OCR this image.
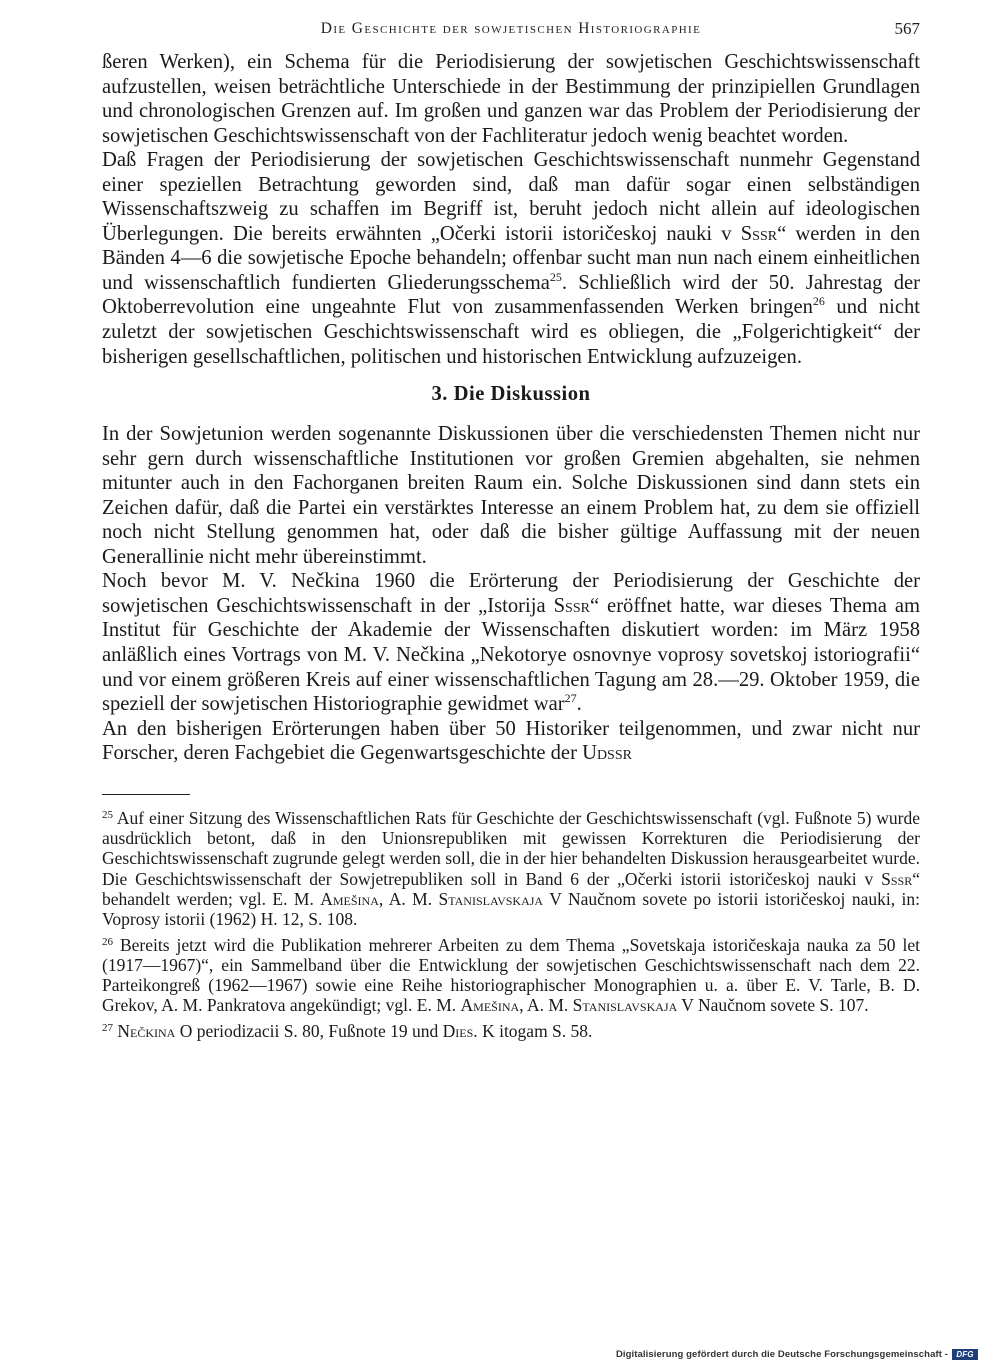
Die Geschichte der sowjetischen Historiographie	567

ßeren Werken), ein Schema für die Periodisierung der sowjetischen Geschichtswissenschaft aufzustellen, weisen beträchtliche Unterschiede in der Bestimmung der prinzipiellen Grundlagen und chronologischen Grenzen auf. Im großen und ganzen war das Problem der Periodisierung der sowjetischen Geschichtswissenschaft von der Fachliteratur jedoch wenig beachtet worden.

Daß Fragen der Periodisierung der sowjetischen Geschichtswissenschaft nunmehr Gegenstand einer speziellen Betrachtung geworden sind, daß man dafür sogar einen selbständigen Wissenschaftszweig zu schaffen im Begriff ist, beruht jedoch nicht allein auf ideologischen Überlegungen. Die bereits erwähnten „Očerki istorii istoričeskoj nauki v Sssr“ werden in den Bänden 4—6 die sowjetische Epoche behandeln; offenbar sucht man nun nach einem einheitlichen und wissenschaftlich fundierten Gliederungsschema$^{25}$. Schließlich wird der 50. Jahrestag der Oktoberrevolution eine ungeahnte Flut von zusammenfassenden Werken bringen$^{26}$ und nicht zuletzt der sowjetischen Geschichtswissenschaft wird es obliegen, die „Folgerichtigkeit“ der bisherigen gesellschaftlichen, politischen und historischen Entwicklung aufzuzeigen.

3. Die Diskussion

In der Sowjetunion werden sogenannte Diskussionen über die verschiedensten Themen nicht nur sehr gern durch wissenschaftliche Institutionen vor großen Gremien abgehalten, sie nehmen mitunter auch in den Fachorganen breiten Raum ein. Solche Diskussionen sind dann stets ein Zeichen dafür, daß die Partei ein verstärktes Interesse an einem Problem hat, zu dem sie offiziell noch nicht Stellung genommen hat, oder daß die bisher gültige Auffassung mit der neuen Generallinie nicht mehr übereinstimmt.

Noch bevor M. V. Nečkina 1960 die Erörterung der Periodisierung der Geschichte der sowjetischen Geschichtswissenschaft in der „Istorija Sssr“ eröffnet hatte, war dieses Thema am Institut für Geschichte der Akademie der Wissenschaften diskutiert worden: im März 1958 anläßlich eines Vortrags von M. V. Nečkina „Nekotorye osnovnye voprosy sovetskoj istoriografii“ und vor einem größeren Kreis auf einer wissenschaftlichen Tagung am 28.—29. Oktober 1959, die speziell der sowjetischen Historiographie gewidmet war$^{27}$.

An den bisherigen Erörterungen haben über 50 Historiker teilgenommen, und zwar nicht nur Forscher, deren Fachgebiet die Gegenwartsgeschichte der Udssr

$^{25}$ Auf einer Sitzung des Wissenschaftlichen Rats für Geschichte der Geschichtswissenschaft (vgl. Fußnote 5) wurde ausdrücklich betont, daß in den Unionsrepubliken mit gewissen Korrekturen die Periodisierung der Geschichtswissenschaft zugrunde gelegt werden soll, die in der hier behandelten Diskussion herausgearbeitet wurde. Die Geschichtswissenschaft der Sowjetrepubliken soll in Band 6 der „Očerki istorii istoričeskoj nauki v Sssr“ behandelt werden; vgl. E. M. Amešina, A. M. Stanislavskaja V Naučnom sovete po istorii istoričeskoj nauki, in: Voprosy istorii (1962) H. 12, S. 108.

$^{26}$ Bereits jetzt wird die Publikation mehrerer Arbeiten zu dem Thema „Sovetskaja istoričeskaja nauka za 50 let (1917—1967)“, ein Sammelband über die Entwicklung der sowjetischen Geschichtswissenschaft nach dem 22. Parteikongreß (1962—1967) sowie eine Reihe historiographischer Monographien u. a. über E. V. Tarle, B. D. Grekov, A. M. Pankratova angekündigt; vgl. E. M. Amešina, A. M. Stanislavskaja V Naučnom sovete S. 107.

$^{27}$ Nečkina O periodizacii S. 80, Fußnote 19 und Dies. K itogam S. 58.

Digitalisierung gefördert durch die Deutsche Forschungsgemeinschaft -	DFG
